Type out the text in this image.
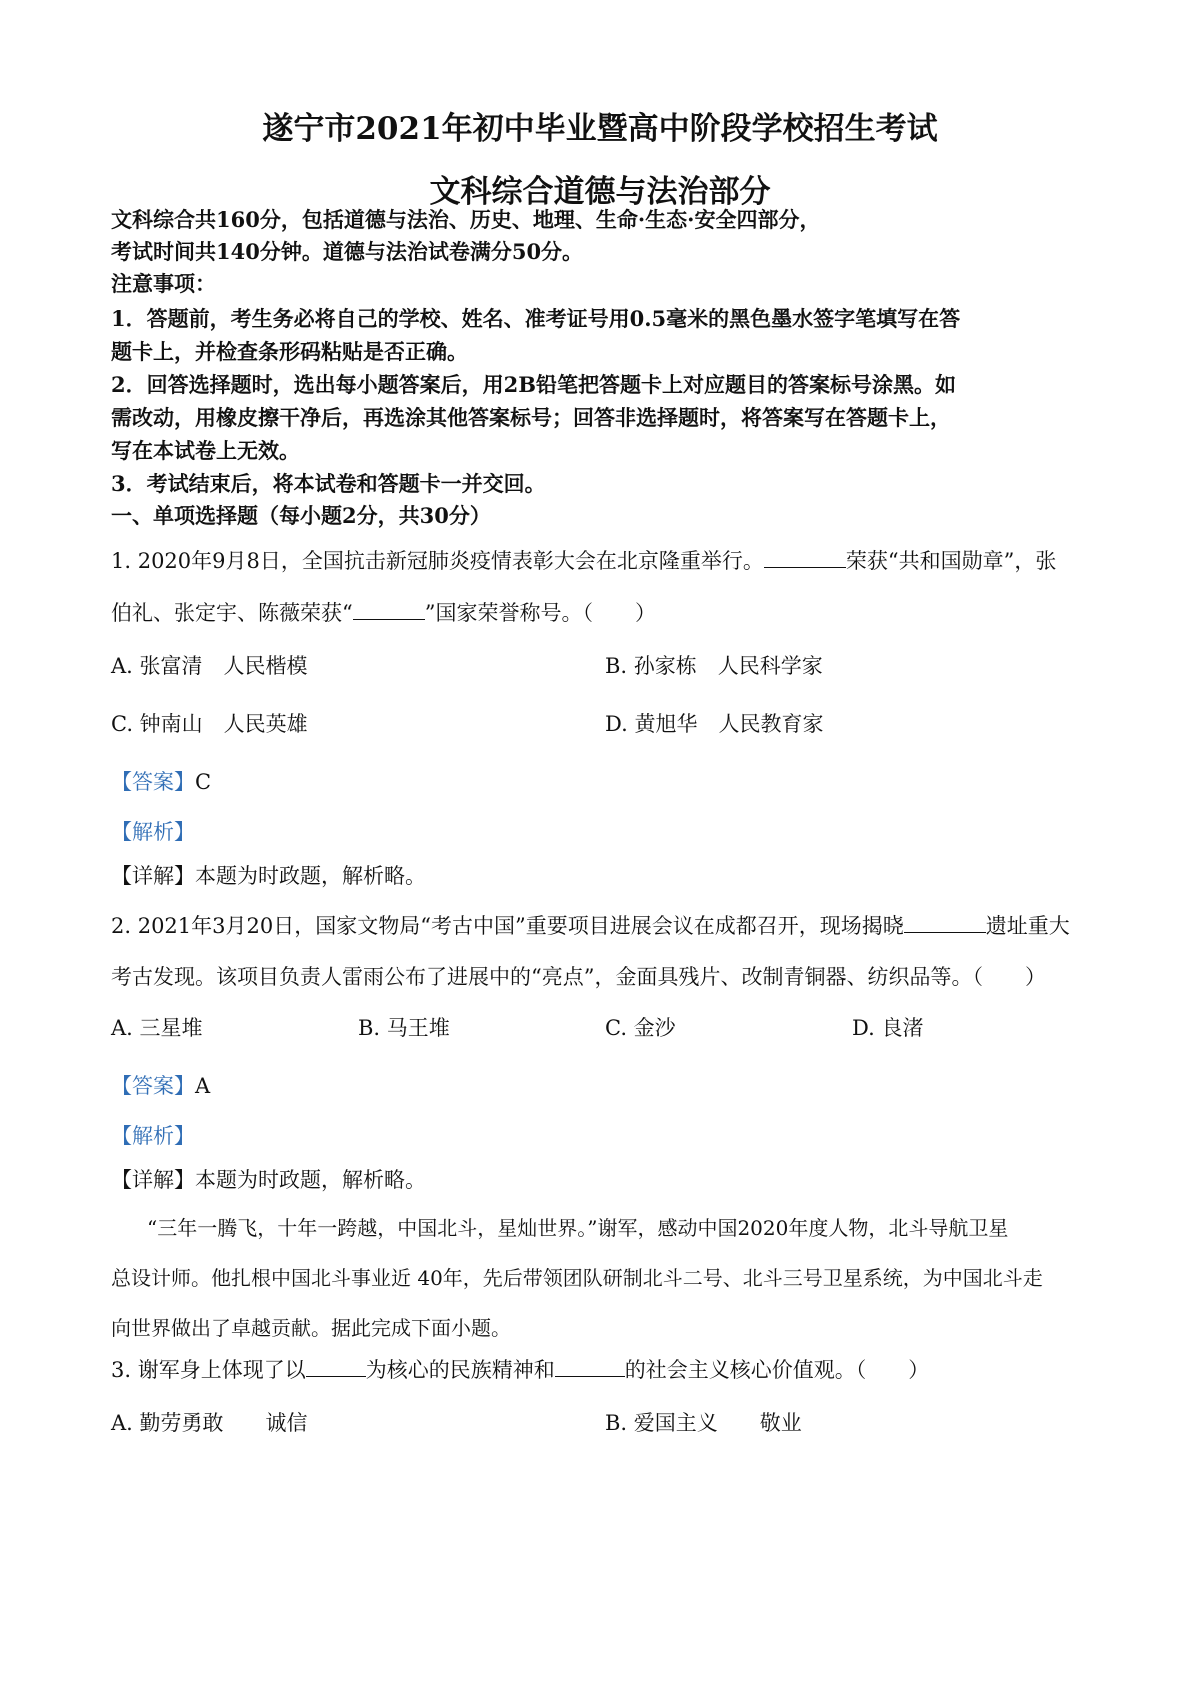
遂宁市2021年初中毕业暨高中阶段学校招生考试
文科综合道德与法治部分
文科综合共160分，包括道德与法治、历史、地理、生命·生态·安全四部分，
考试时间共140分钟。道德与法治试卷满分50分。
注意事项：
1．答题前，考生务必将自己的学校、姓名、准考证号用0.5毫米的黑色墨水签字笔填写在答
题卡上，并检查条形码粘贴是否正确。
2．回答选择题时，选出每小题答案后，用2B铅笔把答题卡上对应题目的答案标号涂黑。如
需改动，用橡皮擦干净后，再选涂其他答案标号；回答非选择题时，将答案写在答题卡上，
写在本试卷上无效。
3．考试结束后，将本试卷和答题卡一并交回。
一、单项选择题（每小题2分，共30分）
1. 2020年9月8日，全国抗击新冠肺炎疫情表彰大会在北京隆重举行。	荣获“共和国勋章”，张
伯礼、张定宇、陈薇荣获“	”国家荣誉称号。（　　）
A. 张富清　人民楷模	B. 孙家栋　人民科学家
C. 钟南山　人民英雄	D. 黄旭华　人民教育家
【答案】C
【解析】
【详解】本题为时政题，解析略。
2. 2021年3月20日，国家文物局“考古中国”重要项目进展会议在成都召开，现场揭晓	遗址重大
考古发现。该项目负责人雷雨公布了进展中的“亮点”，金面具残片、改制青铜器、纺织品等。（　　）
A. 三星堆	B. 马王堆	C. 金沙	D. 良渚
【答案】A
【解析】
【详解】本题为时政题，解析略。
“三年一腾飞，十年一跨越，中国北斗，星灿世界。”谢军，感动中国2020年度人物，北斗导航卫星
总设计师。他扎根中国北斗事业近 40年，先后带领团队研制北斗二号、北斗三号卫星系统，为中国北斗走
向世界做出了卓越贡献。据此完成下面小题。
3. 谢军身上体现了以	为核心的民族精神和	的社会主义核心价值观。（　　）
A. 勤劳勇敢　　诚信	B. 爱国主义　　敬业
